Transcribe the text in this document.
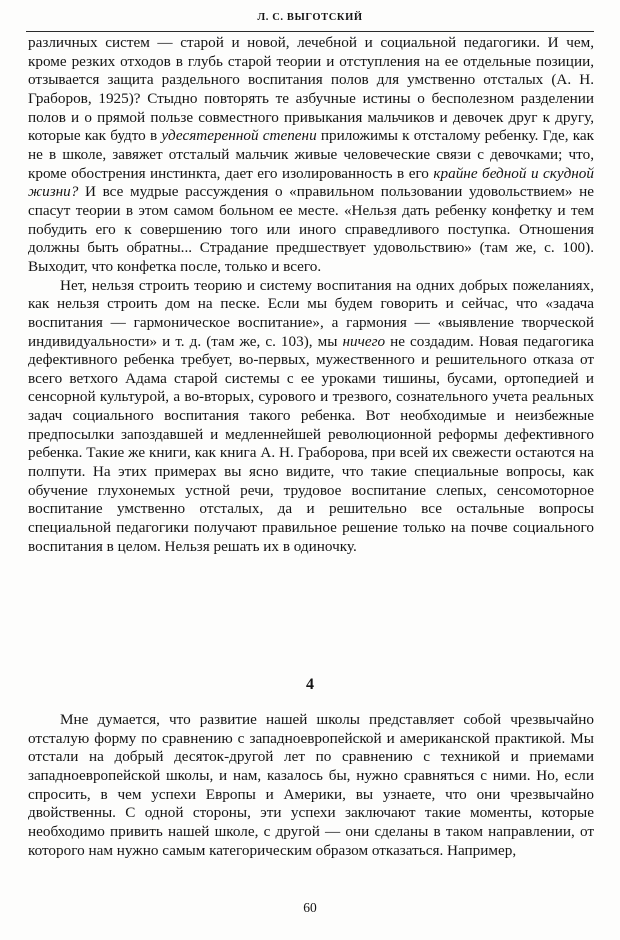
Л. С. ВЫГОТСКИЙ

различных систем — старой и новой, лечебной и социальной педагогики. И чем, кроме резких отходов в глубь старой теории и отступления на ее отдельные позиции, отзывается защита раздельного воспитания полов для умственно отсталых (А. Н. Граборов, 1925)? Стыдно повторять те азбучные истины о бесполезном разделении полов и о прямой пользе совместного привыкания мальчиков и девочек друг к другу, которые как будто в удесятеренной степени приложимы к отсталому ребенку. Где, как не в школе, завяжет отсталый мальчик живые человеческие связи с девочками; что, кроме обострения инстинкта, дает его изолированность в его крайне бедной и скудной жизни? И все мудрые рассуждения о «правильном пользовании удовольствием» не спасут теории в этом самом больном ее месте. «Нельзя дать ребенку конфетку и тем побудить его к совершению того или иного справедливого поступка. Отношения должны быть обратны... Страдание предшествует удовольствию» (там же, с. 100). Выходит, что конфетка после, только и всего.

Нет, нельзя строить теорию и систему воспитания на одних добрых пожеланиях, как нельзя строить дом на песке. Если мы будем говорить и сейчас, что «задача воспитания — гармоническое воспитание», а гармония — «выявление творческой индивидуальности» и т. д. (там же, с. 103), мы ничего не создадим. Новая педагогика дефективного ребенка требует, во-первых, мужественного и решительного отказа от всего ветхого Адама старой системы с ее уроками тишины, бусами, ортопедией и сенсорной культурой, а во-вторых, сурового и трезвого, сознательного учета реальных задач социального воспитания такого ребенка. Вот необходимые и неизбежные предпосылки запоздавшей и медленнейшей революционной реформы дефективного ребенка. Такие же книги, как книга А. Н. Граборова, при всей их свежести остаются на полпути. На этих примерах вы ясно видите, что такие специальные вопросы, как обучение глухонемых устной речи, трудовое воспитание слепых, сенсомоторное воспитание умственно отсталых, да и решительно все остальные вопросы специальной педагогики получают правильное решение только на почве социального воспитания в целом. Нельзя решать их в одиночку.

4

Мне думается, что развитие нашей школы представляет собой чрезвычайно отсталую форму по сравнению с западноевропейской и американской практикой. Мы отстали на добрый десяток-другой лет по сравнению с техникой и приемами западноевропейской школы, и нам, казалось бы, нужно сравняться с ними. Но, если спросить, в чем успехи Европы и Америки, вы узнаете, что они чрезвычайно двойственны. С одной стороны, эти успехи заключают такие моменты, которые необходимо привить нашей школе, с другой — они сделаны в таком направлении, от которого нам нужно самым категорическим образом отказаться. Например,

60
